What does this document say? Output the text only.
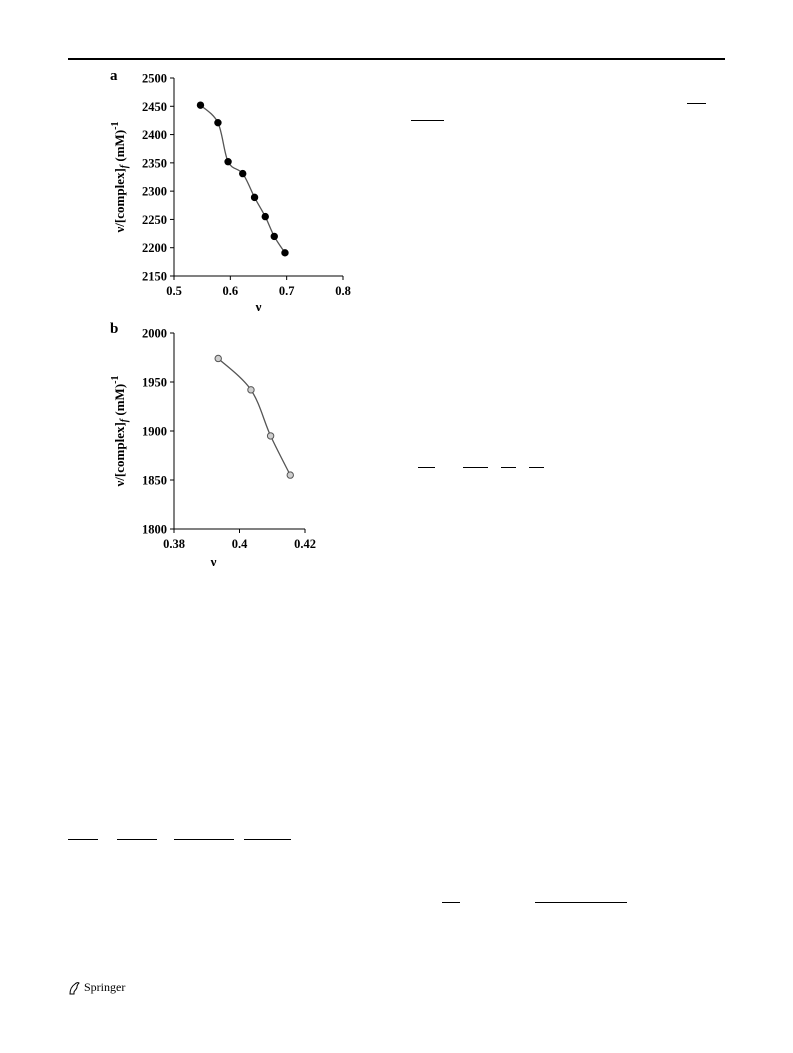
a
2150
2200
2250
2300
2350
2400
2450
2500
0.5	0.6	0.7	0.8
ν
$\nu/[complex]_f$ (mM)$^{-1}$
b
1800
1850
1900
1950
2000
0.38	0.4	0.42
ν
$\nu/[complex]_f$ (mM)$^{-1}$
Springer
